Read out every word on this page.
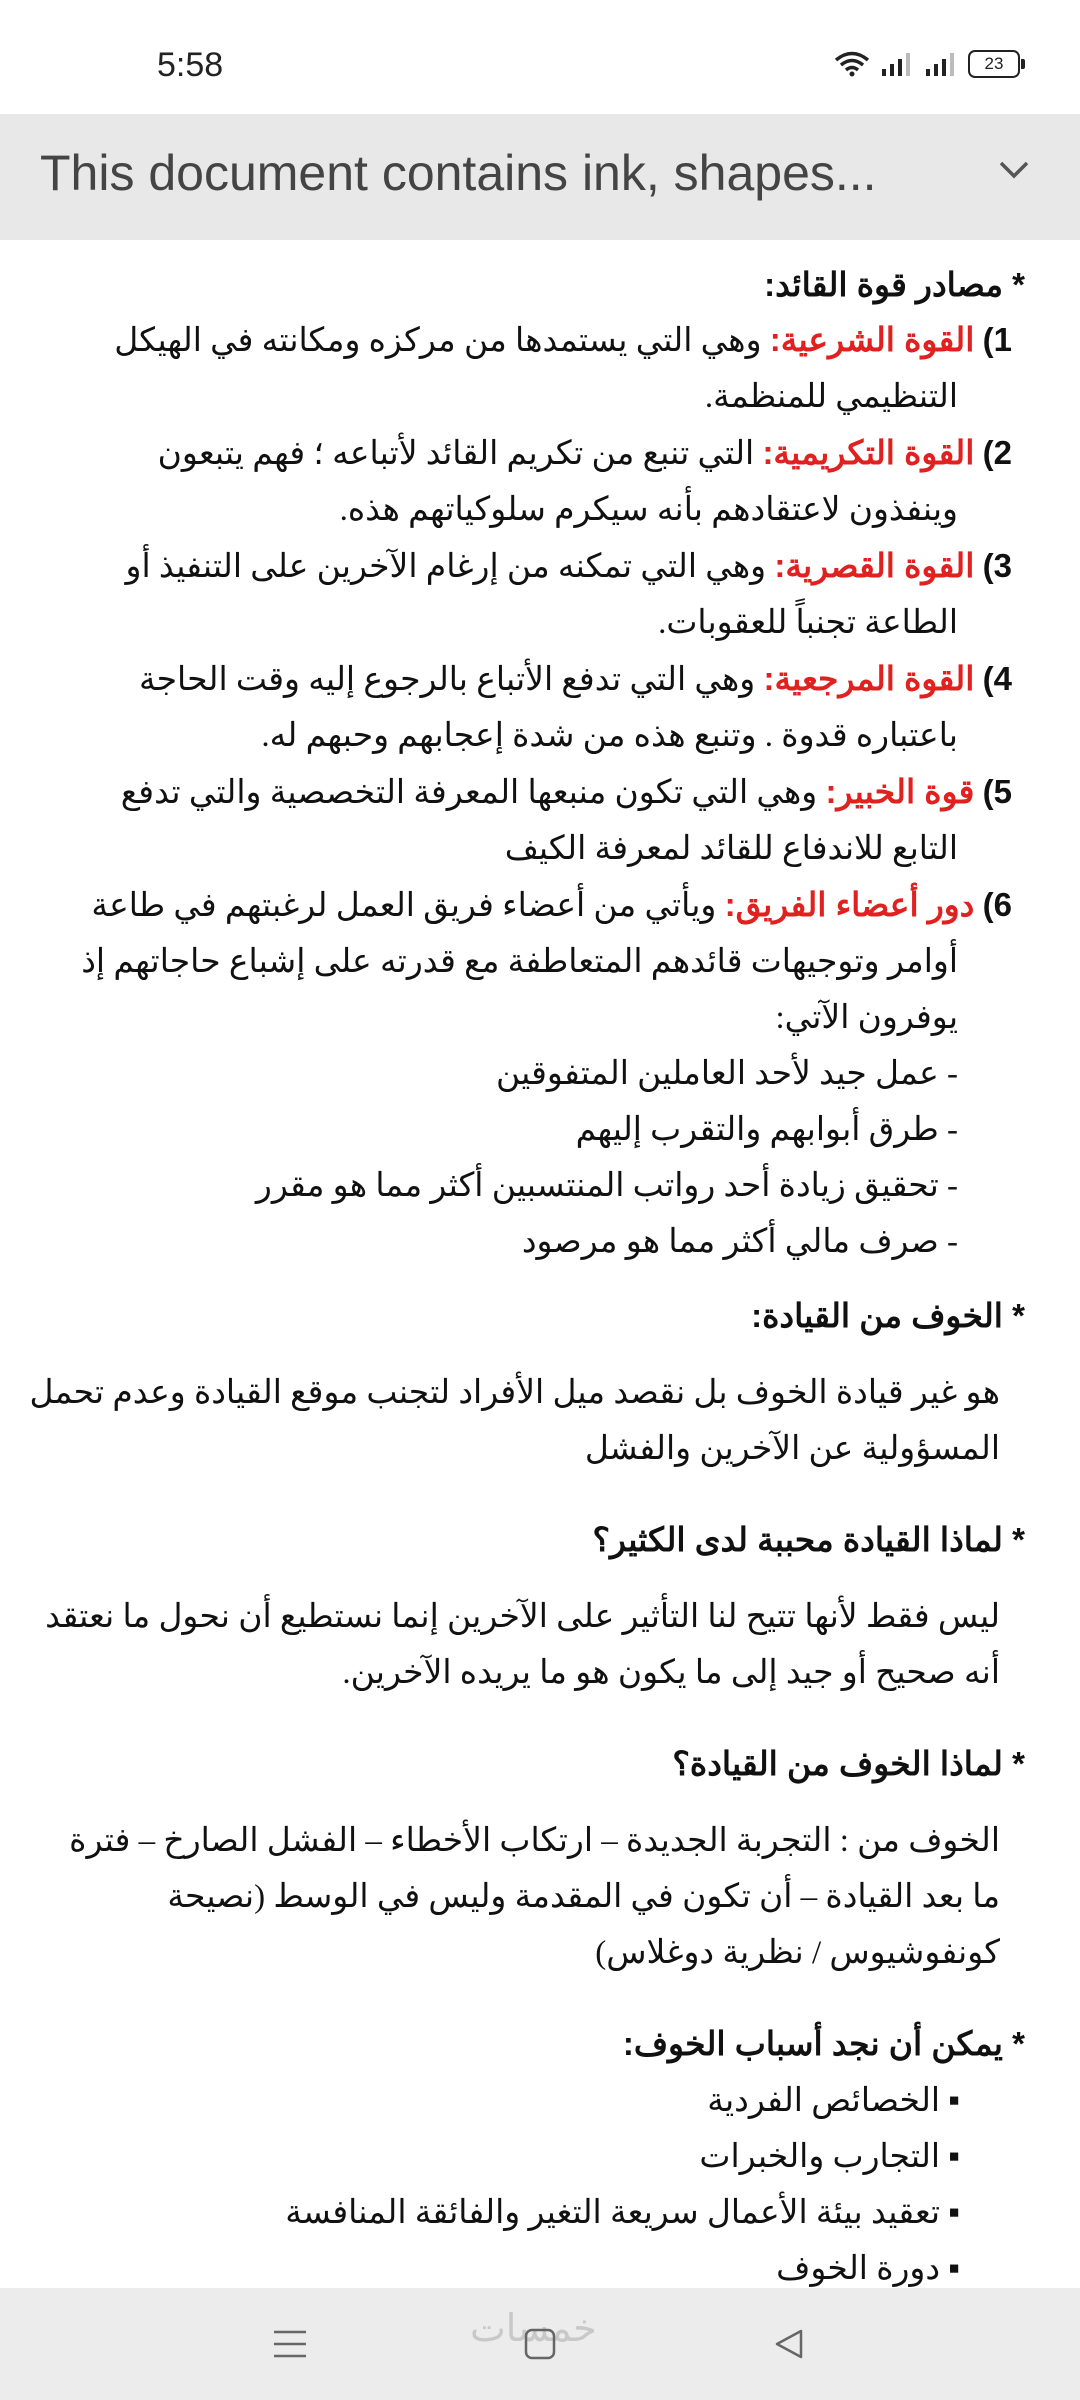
5:58	23
This document contains ink, shapes...
* مصادر قوة القائد:
1) القوة الشرعية: وهي التي يستمدها من مركزه ومكانته في الهيكل
التنظيمي للمنظمة.
2) القوة التكريمية: التي تنبع من تكريم القائد لأتباعه ؛ فهم يتبعون
وينفذون لاعتقادهم بأنه سيكرم سلوكياتهم هذه.
3) القوة القصرية: وهي التي تمكنه من إرغام الآخرين على التنفيذ أو
الطاعة تجنباً للعقوبات.
4) القوة المرجعية: وهي التي تدفع الأتباع بالرجوع إليه وقت الحاجة
باعتباره قدوة . وتنبع هذه من شدة إعجابهم وحبهم له.
5) قوة الخبير: وهي التي تكون منبعها المعرفة التخصصية والتي تدفع
التابع للاندفاع للقائد لمعرفة الكيف
6) دور أعضاء الفريق: ويأتي من أعضاء فريق العمل لرغبتهم في طاعة
أوامر وتوجيهات قائدهم المتعاطفة مع قدرته على إشباع حاجاتهم إذ
يوفرون الآتي:
- عمل جيد لأحد العاملين المتفوقين
- طرق أبوابهم والتقرب إليهم
- تحقيق زيادة أحد رواتب المنتسبين أكثر مما هو مقرر
- صرف مالي أكثر مما هو مرصود
* الخوف من القيادة:
هو غير قيادة الخوف بل نقصد ميل الأفراد لتجنب موقع القيادة وعدم تحمل
المسؤولية عن الآخرين والفشل
* لماذا القيادة محببة لدى الكثير؟
ليس فقط لأنها تتيح لنا التأثير على الآخرين إنما نستطيع أن نحول ما نعتقد
أنه صحيح أو جيد إلى ما يكون هو ما يريده الآخرين.
* لماذا الخوف من القيادة؟
الخوف من : التجربة الجديدة – ارتكاب الأخطاء – الفشل الصارخ – فترة
ما بعد القيادة – أن تكون في المقدمة وليس في الوسط (نصيحة
كونفوشيوس / نظرية دوغلاس)
* يمكن أن نجد أسباب الخوف:
▪ الخصائص الفردية
▪ التجارب والخبرات
▪ تعقيد بيئة الأعمال سريعة التغير والفائقة المنافسة
▪ دورة الخوف
خمسات
